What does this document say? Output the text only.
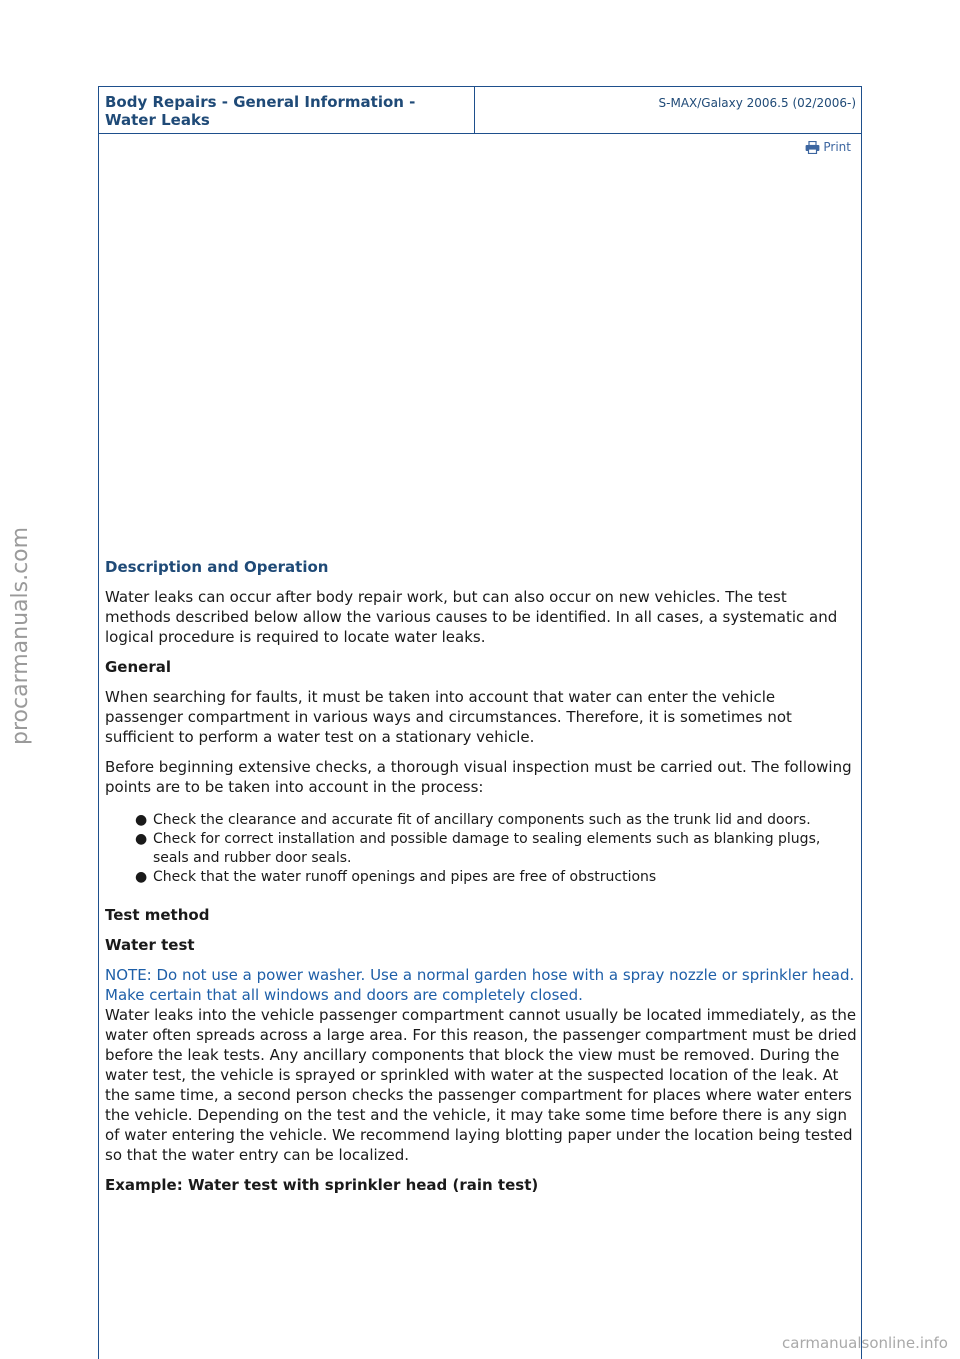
procarmanuals.com
Body Repairs - General Information -
Water Leaks
S-MAX/Galaxy 2006.5 (02/2006-)
Print
Description and Operation

Water leaks can occur after body repair work, but can also occur on new vehicles. The test methods described below allow the various causes to be identified. In all cases, a systematic and logical procedure is required to locate water leaks.

General

When searching for faults, it must be taken into account that water can enter the vehicle passenger compartment in various ways and circumstances. Therefore, it is sometimes not sufficient to perform a water test on a stationary vehicle.

Before beginning extensive checks, a thorough visual inspection must be carried out. The following points are to be taken into account in the process:

● Check the clearance and accurate fit of ancillary components such as the trunk lid and doors.
● Check for correct installation and possible damage to sealing elements such as blanking plugs, seals and rubber door seals.
● Check that the water runoff openings and pipes are free of obstructions
Test method
Water test

NOTE: Do not use a power washer. Use a normal garden hose with a spray nozzle or sprinkler head. Make certain that all windows and doors are completely closed.

Water leaks into the vehicle passenger compartment cannot usually be located immediately, as the water often spreads across a large area. For this reason, the passenger compartment must be dried before the leak tests. Any ancillary components that block the view must be removed. During the water test, the vehicle is sprayed or sprinkled with water at the suspected location of the leak. At the same time, a second person checks the passenger compartment for places where water enters the vehicle. Depending on the test and the vehicle, it may take some time before there is any sign of water entering the vehicle. We recommend laying blotting paper under the location being tested so that the water entry can be localized.

Example: Water test with sprinkler head (rain test)
carmanualsonline.info
